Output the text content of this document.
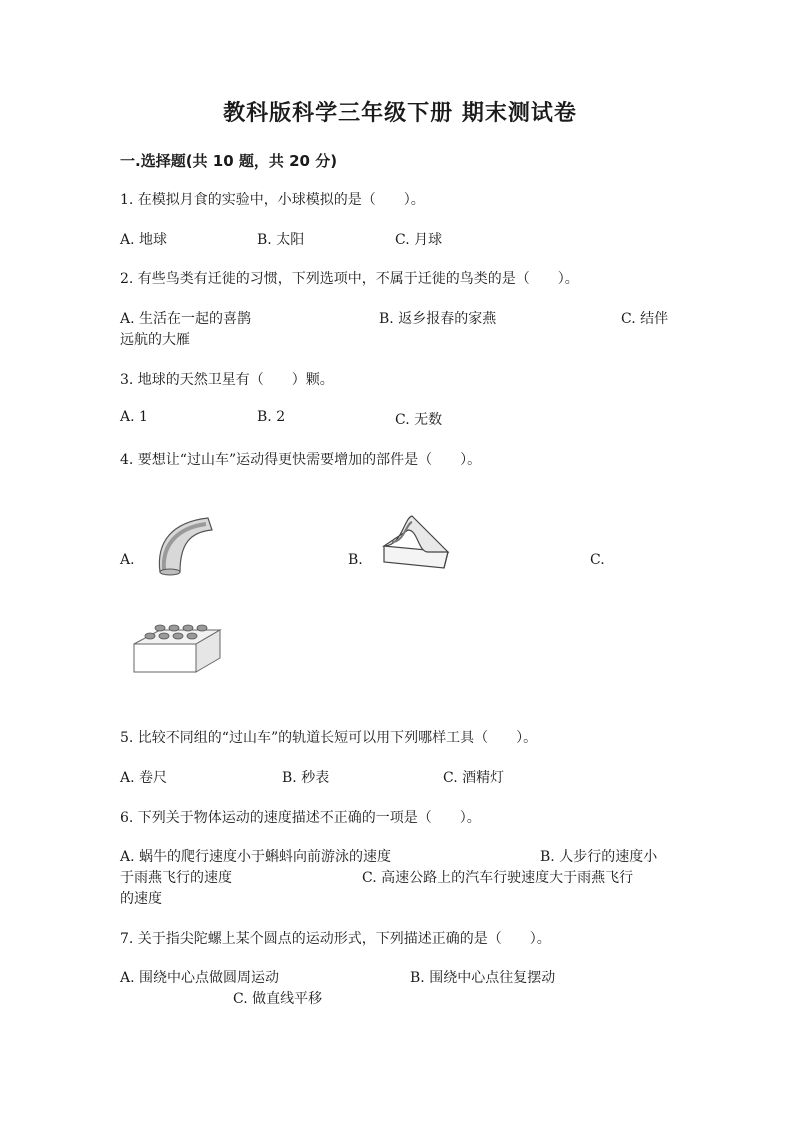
教科版科学三年级下册 期末测试卷
一.选择题(共 10 题，共 20 分)
1. 在模拟月食的实验中，小球模拟的是（　　）。
A. 地球	B. 太阳	C. 月球
2. 有些鸟类有迁徙的习惯，下列选项中，不属于迁徙的鸟类的是（　　）。
A. 生活在一起的喜鹊	B. 返乡报春的家燕	C. 结伴
远航的大雁
3. 地球的天然卫星有（　　）颗。
A. 1	B. 2	C. 无数
4. 要想让“过山车”运动得更快需要增加的部件是（　　）。
A.	B.	C.
5. 比较不同组的“过山车”的轨道长短可以用下列哪样工具（　　）。
A. 卷尺	B. 秒表	C. 酒精灯
6. 下列关于物体运动的速度描述不正确的一项是（　　）。
A. 蜗牛的爬行速度小于蝌蚪向前游泳的速度	B. 人步行的速度小
于雨燕飞行的速度	C. 高速公路上的汽车行驶速度大于雨燕飞行
的速度
7. 关于指尖陀螺上某个圆点的运动形式，下列描述正确的是（　　）。
A. 围绕中心点做圆周运动	B. 围绕中心点往复摆动
C. 做直线平移
